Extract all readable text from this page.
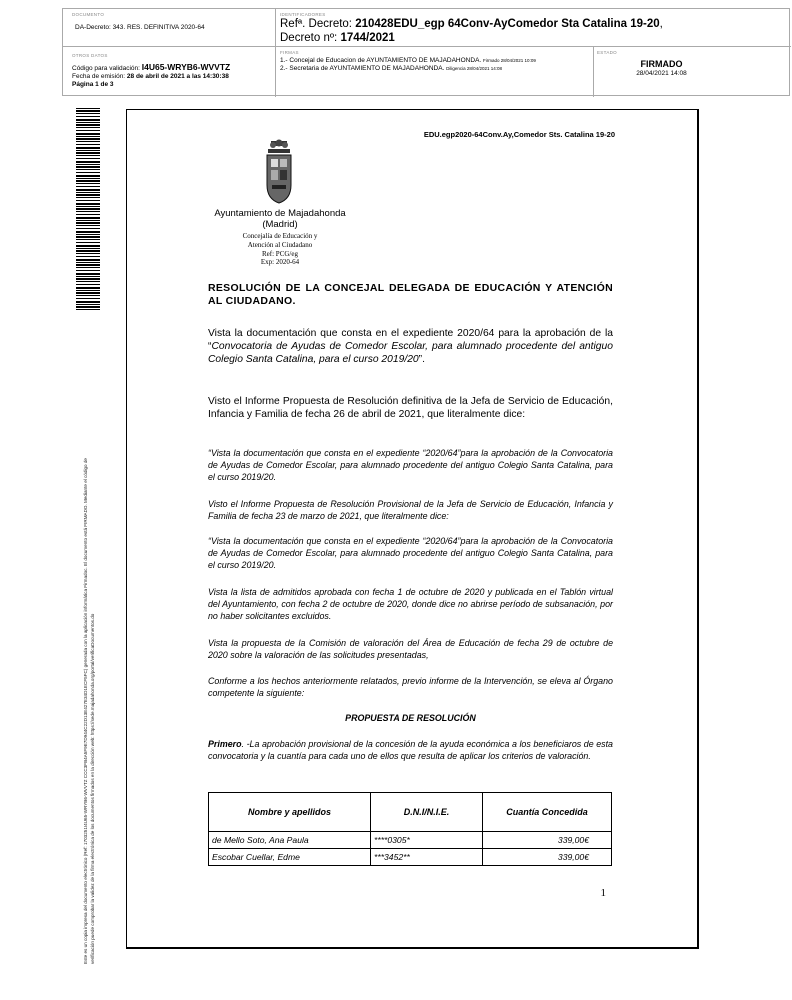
DOCUMENTO
DA-Decreto: 343. RES. DEFINITIVA 2020-64
IDENTIFICADORES
Refª. Decreto: 210428EDU_egp 64Conv-AyComedor Sta Catalina 19-20,
Decreto nº: 1744/2021
OTROS DATOS
Código para validación: I4U65-WRYB6-WVVTZ
Fecha de emisión: 28 de abril de 2021 a las 14:30:38
Página 1 de 3
FIRMAS
1.- Concejal de Educacion de AYUNTAMIENTO DE MAJADAHONDA. Firmado 28/04/2021 10:09
2.- Secretaria de AYUNTAMIENTO DE MAJADAHONDA. Diligencia 28/04/2021 14:08
ESTADO
FIRMADO
28/04/2021 14:08
Este es un copia impresa del documento electrónico (Ref: 1703251I4U65-WRYB6-WVVTZ CCC3FB4A5F9E7D944C22D13E427E34D1ECF5FC) generada con la aplicación informática Firmadoc. El documento está FIRMADO. Mediante el código de verificación puede comprobar la validez de la firma electrónica de los documentos firmados en la dirección web: https://sede.majadahonda.org/portal/verificaDocumentos.do
EDU.egp2020-64Conv.Ay,Comedor Sts. Catalina 19-20
Ayuntamiento de Majadahonda
(Madrid)
Concejalía de Educación y
Atención al Ciudadano
Ref: PCG/eg
Exp: 2020-64
RESOLUCIÓN DE LA CONCEJAL DELEGADA DE EDUCACIÓN Y ATENCIÓN AL CIUDADANO.
Vista la documentación que consta en el expediente 2020/64 para la aprobación de la “Convocatoria de Ayudas de Comedor Escolar, para alumnado procedente del antiguo Colegio Santa Catalina, para el curso 2019/20”.
Visto el Informe Propuesta de Resolución definitiva de la Jefa de Servicio de Educación, Infancia y Familia de fecha 26 de abril de 2021, que literalmente dice:
“Vista la documentación que consta en el expediente “2020/64”para la aprobación de la Convocatoria de Ayudas de Comedor Escolar, para alumnado procedente del antiguo Colegio Santa Catalina, para el curso 2019/20.
Visto el Informe Propuesta de Resolución Provisional de la Jefa de Servicio de Educación, Infancia y Familia de fecha 23 de marzo de 2021, que literalmente dice:
“Vista la documentación que consta en el expediente “2020/64”para la aprobación de la Convocatoria de Ayudas de Comedor Escolar, para alumnado procedente del antiguo Colegio Santa Catalina, para el curso 2019/20.
Vista la lista de admitidos aprobada con fecha 1 de octubre de 2020 y publicada en el Tablón virtual del Ayuntamiento, con fecha 2 de octubre de 2020, donde dice no abrirse período de subsanación, por no haber solicitantes excluidos.
Vista la propuesta de la Comisión de valoración del Área de Educación de fecha 29 de octubre de 2020 sobre la valoración de las solicitudes presentadas,
Conforme a los hechos anteriormente relatados, previo informe de la Intervención, se eleva al Órgano competente la siguiente:
PROPUESTA DE RESOLUCIÓN
Primero. -La aprobación provisional de la concesión de la ayuda económica a los beneficiaros de esta convocatoria y la cuantía para cada uno de ellos que resulta de aplicar los criterios de valoración.
Nombre y apellidos	D.N.I/N.I.E.	Cuantía Concedida
de Mello Soto, Ana Paula	****0305*	339,00€
Escobar Cuellar, Edme	***3452**	339,00€
1
